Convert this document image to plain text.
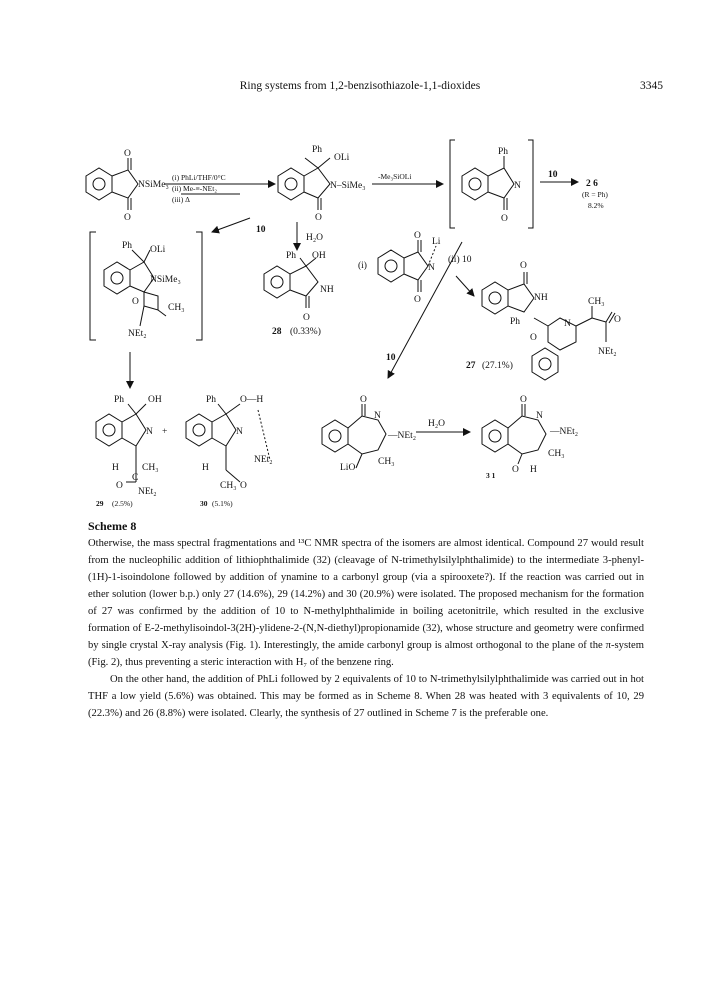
Ring systems from 1,2-benzisothiazole-1,1-dioxides	3345
O
O
NSiMe₃
(i) PhLi/THF/0°C
(ii) Me-≡-NEt₂
(iii) Δ
Ph
OLi
N–SiMe₃
O
-Me₃SiOLi
Ph
N
O
10
2 6
(R = Ph)
8.2%
10
H₂O
Ph OLi
NSiMe₃
O
CH₃
NEt₂
Ph OH
NH
O
28 (0.33%)
(i)
O
Li
N
O
(ii) 10
O
NH	CH₃
Ph	N	O
O
NEt₂
10
27 (27.1%)
Ph	OH
N +
H CH₃
C
O
NEt₂
29 (2.5%)
Ph	O—H
N
NEt₂
H
CH₃ O
30 (5.1%)
O
N
—NEt₂
LiO
CH₃
H₂O
O
N
—NEt₂
CH₃
O H
3 1
Scheme 8

Otherwise, the mass spectral fragmentations and ¹³C NMR spectra of the isomers are almost identical. Compound 27 would result from the nucleophilic addition of lithiophthalimide (32) (cleavage of N-trimethylsilylphthalimide) to the intermediate 3-phenyl-(1H)-1-isoindolone followed by addition of ynamine to a carbonyl group (via a spirooxete?). If the reaction was carried out in ether solution (lower b.p.) only 27 (14.6%), 29 (14.2%) and 30 (20.9%) were isolated. The proposed mechanism for the formation of 27 was confirmed by the addition of 10 to N-methylphthalimide in boiling acetonitrile, which resulted in the exclusive formation of E-2-methylisoindol-3(2H)-ylidene-2-(N,N-diethyl)propionamide (32), whose structure and geometry were confirmed by single crystal X-ray analysis (Fig. 1). Interestingly, the amide carbonyl group is almost orthogonal to the plane of the π-system (Fig. 2), thus preventing a steric interaction with H₇ of the benzene ring.

On the other hand, the addition of PhLi followed by 2 equivalents of 10 to N-trimethylsilylphthalimide was carried out in hot THF a low yield (5.6%) was obtained. This may be formed as in Scheme 8. When 28 was heated with 3 equivalents of 10, 29 (22.3%) and 26 (8.8%) were isolated. Clearly, the synthesis of 27 outlined in Scheme 7 is the preferable one.
